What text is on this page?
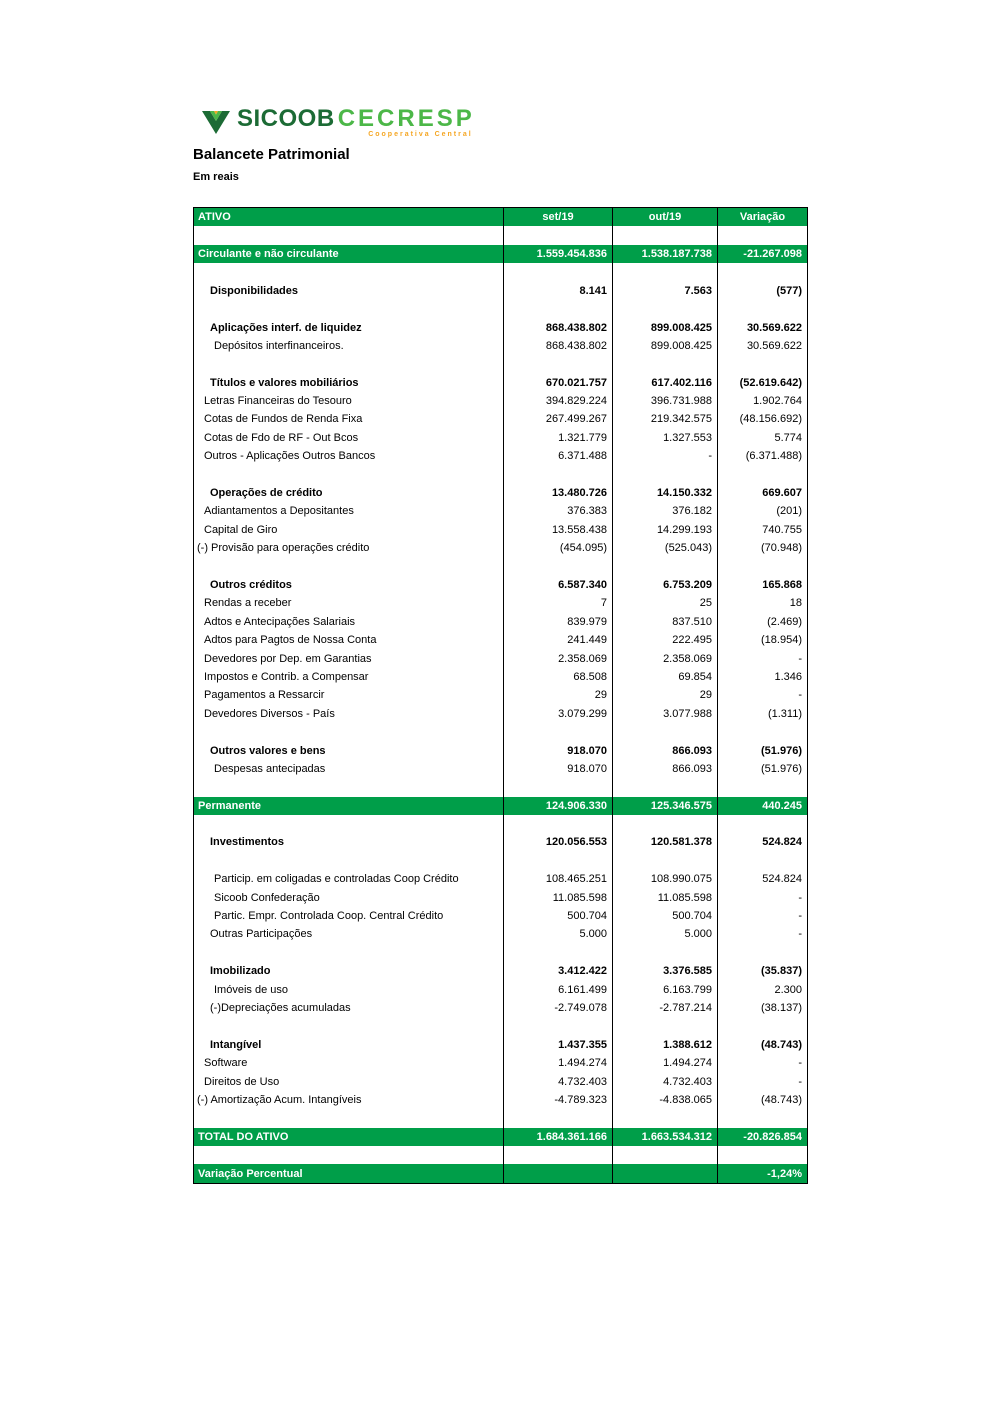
SICOOB CECRESP
Cooperativa Central
Balancete Patrimonial
Em reais
ATIVO	set/19	out/19	Variação

Circulante e não circulante	1.559.454.836	1.538.187.738	-21.267.098

Disponibilidades	8.141	7.563	(577)

Aplicações interf. de liquidez	868.438.802	899.008.425	30.569.622
Depósitos interfinanceiros.	868.438.802	899.008.425	30.569.622

Títulos e valores mobiliários	670.021.757	617.402.116	(52.619.642)
Letras Financeiras do Tesouro	394.829.224	396.731.988	1.902.764
Cotas de Fundos de Renda Fixa	267.499.267	219.342.575	(48.156.692)
Cotas de Fdo de RF - Out Bcos	1.321.779	1.327.553	5.774
Outros - Aplicações Outros Bancos	6.371.488	-	(6.371.488)

Operações de crédito	13.480.726	14.150.332	669.607
Adiantamentos a Depositantes	376.383	376.182	(201)
Capital de Giro	13.558.438	14.299.193	740.755
(-) Provisão para operações crédito	(454.095)	(525.043)	(70.948)

Outros créditos	6.587.340	6.753.209	165.868
Rendas a receber	7	25	18
Adtos e Antecipações Salariais	839.979	837.510	(2.469)
Adtos para Pagtos de Nossa Conta	241.449	222.495	(18.954)
Devedores por Dep. em Garantias	2.358.069	2.358.069	-
Impostos e Contrib. a Compensar	68.508	69.854	1.346
Pagamentos a Ressarcir	29	29	-
Devedores Diversos - País	3.079.299	3.077.988	(1.311)

Outros valores e bens	918.070	866.093	(51.976)
Despesas antecipadas	918.070	866.093	(51.976)

Permanente	124.906.330	125.346.575	440.245

Investimentos	120.056.553	120.581.378	524.824

Particip. em coligadas e controladas Coop Crédito	108.465.251	108.990.075	524.824
Sicoob Confederação	11.085.598	11.085.598	-
Partic. Empr. Controlada Coop. Central Crédito	500.704	500.704	-
Outras Participações	5.000	5.000	-

Imobilizado	3.412.422	3.376.585	(35.837)
Imóveis de uso	6.161.499	6.163.799	2.300
(-)Depreciações acumuladas	-2.749.078	-2.787.214	(38.137)

Intangível	1.437.355	1.388.612	(48.743)
Software	1.494.274	1.494.274	-
Direitos de Uso	4.732.403	4.732.403	-
(-) Amortização Acum. Intangíveis	-4.789.323	-4.838.065	(48.743)

TOTAL DO ATIVO	1.684.361.166	1.663.534.312	-20.826.854

Variação Percentual			-1,24%
